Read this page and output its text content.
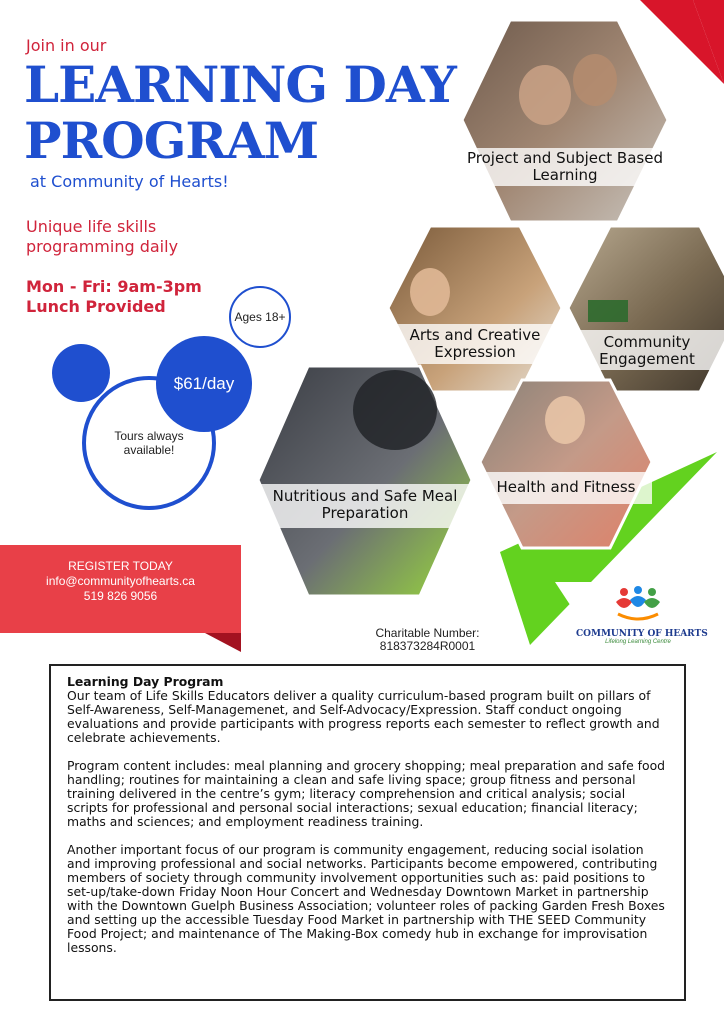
Project and Subject Based
Learning
Arts and Creative
Expression
Community
Engagement
Nutritious and Safe Meal
Preparation
Health and Fitness
Join in our
LEARNING DAY
PROGRAM
at Community of Hearts!
Unique life skills
programming daily
Mon - Fri: 9am-3pm
Lunch Provided
Ages 18+
Tours always
available!
$61/day
REGISTER TODAY
info@communityofhearts.ca
519 826 9056
Charitable Number:
818373284R0001
COMMUNITY OF HEARTS
Lifelong Learning Centre
Learning Day Program

Our team of Life Skills Educators deliver a quality curriculum-based program built on pillars of Self-Awareness, Self-Managemenet, and Self-Advocacy/Expression. Staff conduct ongoing evaluations and provide participants with progress reports each semester to reflect growth and celebrate achievements.

Program content includes: meal planning and grocery shopping; meal preparation and safe food handling; routines for maintaining a clean and safe living space; group fitness and personal training delivered in the centre’s gym; literacy comprehension and critical analysis; social scripts for professional and personal social interactions; sexual education; financial literacy; maths and sciences; and employment readiness training.

Another important focus of our program is community engagement, reducing social isolation and improving professional and social networks. Participants become empowered, contributing members of society through community involvement opportunities such as: paid positions to set-up/take-down Friday Noon Hour Concert and Wednesday Downtown Market in partnership with the Downtown Guelph Business Association; volunteer roles of packing Garden Fresh Boxes and setting up the accessible Tuesday Food Market in partnership with THE SEED Community Food Project; and maintenance of The Making-Box comedy hub in exchange for improvisation lessons.
